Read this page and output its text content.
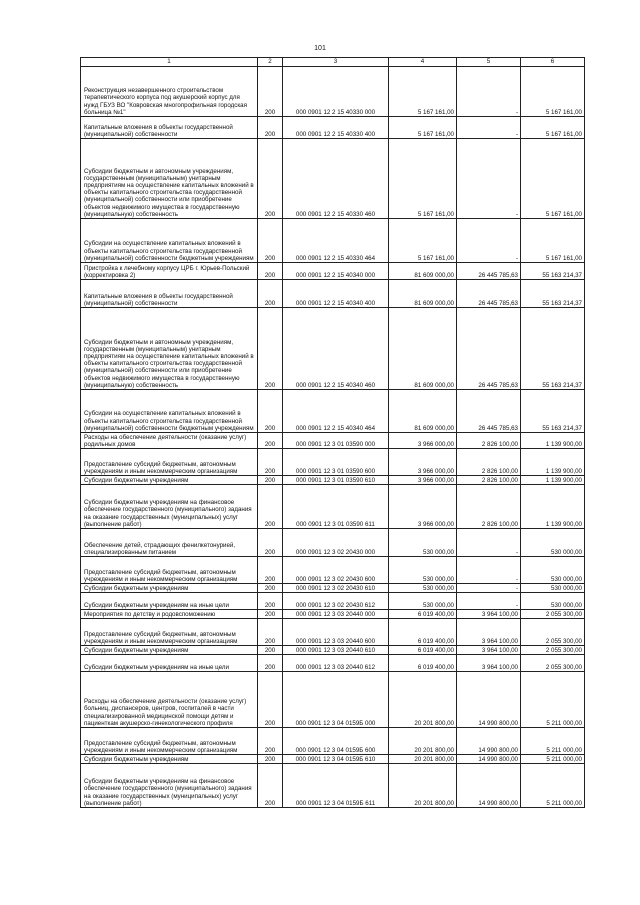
101
1	2	3	4	5	6
Реконструкция незавершенного строительством терапевтического корпуса под акушерский корпус для нужд ГБУЗ ВО "Ковровская многопрофильная городская больница №1"	200	000 0901 12 2 15 40330 000	5 167 161,00	-	5 167 161,00
Капитальные вложения в объекты государственной (муниципальной) собственности	200	000 0901 12 2 15 40330 400	5 167 161,00	-	5 167 161,00
Субсидии бюджетным и автономным учреждениям, государственным (муниципальным) унитарным предприятиям на осуществление капитальных вложений в объекты капитального строительства государственной (муниципальной) собственности или приобретение объектов недвижимого имущества в государственную (муниципальную) собственность	200	000 0901 12 2 15 40330 460	5 167 161,00	-	5 167 161,00
Субсидии на осуществление капитальных вложений в объекты капитального строительства государственной (муниципальной) собственности бюджетным учреждениям	200	000 0901 12 2 15 40330 464	5 167 161,00	-	5 167 161,00
Пристройка к лечебному корпусу ЦРБ г. Юрьев-Польский (корректировка 2)	200	000 0901 12 2 15 40340 000	81 609 000,00	26 445 785,63	55 163 214,37
Капитальные вложения в объекты государственной (муниципальной) собственности	200	000 0901 12 2 15 40340 400	81 609 000,00	26 445 785,63	55 163 214,37
Субсидии бюджетным и автономным учреждениям, государственным (муниципальным) унитарным предприятиям на осуществление капитальных вложений в объекты капитального строительства государственной (муниципальной) собственности или приобретение объектов недвижимого имущества в государственную (муниципальную) собственность	200	000 0901 12 2 15 40340 460	81 609 000,00	26 445 785,63	55 163 214,37
Субсидии на осуществление капитальных вложений в объекты капитального строительства государственной (муниципальной) собственности бюджетным учреждениям	200	000 0901 12 2 15 40340 464	81 609 000,00	26 445 785,63	55 163 214,37
Расходы на обеспечение деятельности (оказание услуг) родильных домов	200	000 0901 12 3 01 03590 000	3 966 000,00	2 826 100,00	1 139 900,00
Предоставление субсидий бюджетным, автономным учреждениям и иным некоммерческим организациям	200	000 0901 12 3 01 03590 600	3 966 000,00	2 826 100,00	1 139 900,00
Субсидии бюджетным учреждениям	200	000 0901 12 3 01 03590 610	3 966 000,00	2 826 100,00	1 139 900,00
Субсидии бюджетным учреждениям на финансовое обеспечение государственного (муниципального) задания на оказание государственных (муниципальных) услуг (выполнение работ)	200	000 0901 12 3 01 03590 611	3 966 000,00	2 826 100,00	1 139 900,00
Обеспечение детей, страдающих фенилкетонурией, специализированным питанием	200	000 0901 12 3 02 20430 000	530 000,00	-	530 000,00
Предоставление субсидий бюджетным, автономным учреждениям и иным некоммерческим организациям	200	000 0901 12 3 02 20430 600	530 000,00	-	530 000,00
Субсидии бюджетным учреждениям	200	000 0901 12 3 02 20430 610	530 000,00	-	530 000,00
Субсидии бюджетным учреждениям на иные цели	200	000 0901 12 3 02 20430 612	530 000,00	-	530 000,00
Мероприятия по детству и родовспоможению	200	000 0901 12 3 03 20440 000	6 019 400,00	3 964 100,00	2 055 300,00
Предоставление субсидий бюджетным, автономным учреждениям и иным некоммерческим организациям	200	000 0901 12 3 03 20440 600	6 019 400,00	3 964 100,00	2 055 300,00
Субсидии бюджетным учреждениям	200	000 0901 12 3 03 20440 610	6 019 400,00	3 964 100,00	2 055 300,00
Субсидии бюджетным учреждениям на иные цели	200	000 0901 12 3 03 20440 612	6 019 400,00	3 964 100,00	2 055 300,00
Расходы на обеспечение деятельности (оказание услуг) больниц, диспансеров, центров, госпиталей в части специализированной медицинской помощи детям и пациенткам акушерско-гинекологического профиля	200	000 0901 12 3 04 0159Б 000	20 201 800,00	14 990 800,00	5 211 000,00
Предоставление субсидий бюджетным, автономным учреждениям и иным некоммерческим организациям	200	000 0901 12 3 04 0159Б 600	20 201 800,00	14 990 800,00	5 211 000,00
Субсидии бюджетным учреждениям	200	000 0901 12 3 04 0159Б 610	20 201 800,00	14 990 800,00	5 211 000,00
Субсидии бюджетным учреждениям на финансовое обеспечение государственного (муниципального) задания на оказание государственных (муниципальных) услуг (выполнение работ)	200	000 0901 12 3 04 0159Б 611	20 201 800,00	14 990 800,00	5 211 000,00
